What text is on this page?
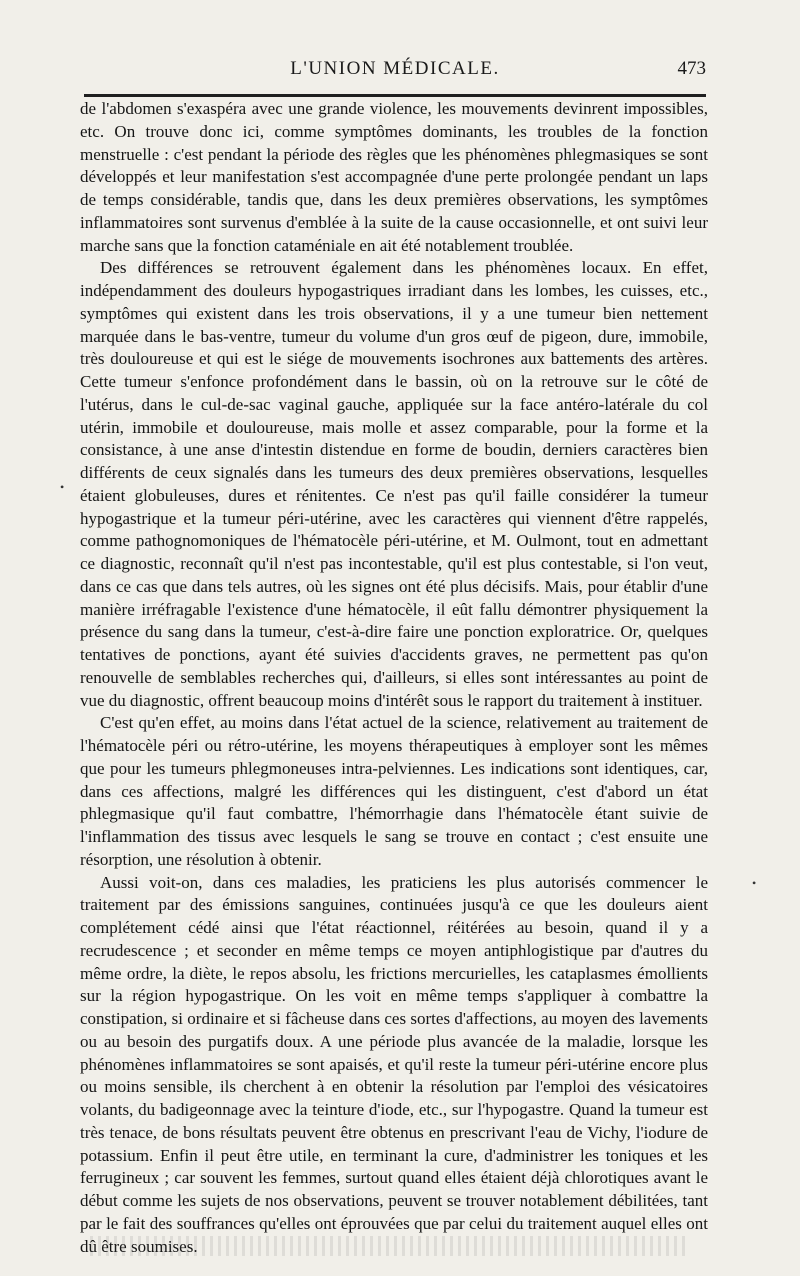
L'UNION MÉDICALE.	473

de l'abdomen s'exaspéra avec une grande violence, les mouvements devinrent impossibles, etc. On trouve donc ici, comme symptômes dominants, les troubles de la fonction menstruelle : c'est pendant la période des règles que les phénomènes phlegmasiques se sont développés et leur manifestation s'est accompagnée d'une perte prolongée pendant un laps de temps considérable, tandis que, dans les deux premières observations, les symptômes inflammatoires sont survenus d'emblée à la suite de la cause occasionnelle, et ont suivi leur marche sans que la fonction cataméniale en ait été notablement troublée.

Des différences se retrouvent également dans les phénomènes locaux. En effet, indépendamment des douleurs hypogastriques irradiant dans les lombes, les cuisses, etc., symptômes qui existent dans les trois observations, il y a une tumeur bien nettement marquée dans le bas-ventre, tumeur du volume d'un gros œuf de pigeon, dure, immobile, très douloureuse et qui est le siége de mouvements isochrones aux battements des artères. Cette tumeur s'enfonce profondément dans le bassin, où on la retrouve sur le côté de l'utérus, dans le cul-de-sac vaginal gauche, appliquée sur la face antéro-latérale du col utérin, immobile et douloureuse, mais molle et assez comparable, pour la forme et la consistance, à une anse d'intestin distendue en forme de boudin, derniers caractères bien différents de ceux signalés dans les tumeurs des deux premières observations, lesquelles étaient globuleuses, dures et rénitentes. Ce n'est pas qu'il faille considérer la tumeur hypogastrique et la tumeur péri-utérine, avec les caractères qui viennent d'être rappelés, comme pathognomoniques de l'hématocèle péri-utérine, et M. Oulmont, tout en admettant ce diagnostic, reconnaît qu'il n'est pas incontestable, qu'il est plus contestable, si l'on veut, dans ce cas que dans tels autres, où les signes ont été plus décisifs. Mais, pour établir d'une manière irréfragable l'existence d'une hématocèle, il eût fallu démontrer physiquement la présence du sang dans la tumeur, c'est-à-dire faire une ponction exploratrice. Or, quelques tentatives de ponctions, ayant été suivies d'accidents graves, ne permettent pas qu'on renouvelle de semblables recherches qui, d'ailleurs, si elles sont intéressantes au point de vue du diagnostic, offrent beaucoup moins d'intérêt sous le rapport du traitement à instituer.

C'est qu'en effet, au moins dans l'état actuel de la science, relativement au traitement de l'hématocèle péri ou rétro-utérine, les moyens thérapeutiques à employer sont les mêmes que pour les tumeurs phlegmoneuses intra-pelviennes. Les indications sont identiques, car, dans ces affections, malgré les différences qui les distinguent, c'est d'abord un état phlegmasique qu'il faut combattre, l'hémorrhagie dans l'hématocèle étant suivie de l'inflammation des tissus avec lesquels le sang se trouve en contact ; c'est ensuite une résorption, une résolution à obtenir.

Aussi voit-on, dans ces maladies, les praticiens les plus autorisés commencer le traitement par des émissions sanguines, continuées jusqu'à ce que les douleurs aient complétement cédé ainsi que l'état réactionnel, réitérées au besoin, quand il y a recrudescence ; et seconder en même temps ce moyen antiphlogistique par d'autres du même ordre, la diète, le repos absolu, les frictions mercurielles, les cataplasmes émollients sur la région hypogastrique. On les voit en même temps s'appliquer à combattre la constipation, si ordinaire et si fâcheuse dans ces sortes d'affections, au moyen des lavements ou au besoin des purgatifs doux. A une période plus avancée de la maladie, lorsque les phénomènes inflammatoires se sont apaisés, et qu'il reste la tumeur péri-utérine encore plus ou moins sensible, ils cherchent à en obtenir la résolution par l'emploi des vésicatoires volants, du badigeonnage avec la teinture d'iode, etc., sur l'hypogastre. Quand la tumeur est très tenace, de bons résultats peuvent être obtenus en prescrivant l'eau de Vichy, l'iodure de potassium. Enfin il peut être utile, en terminant la cure, d'administrer les toniques et les ferrugineux ; car souvent les femmes, surtout quand elles étaient déjà chlorotiques avant le début comme les sujets de nos observations, peuvent se trouver notablement débilitées, tant par le fait des souffrances qu'elles ont éprouvées que par celui du traitement auquel elles ont dû être soumises.

•
•
